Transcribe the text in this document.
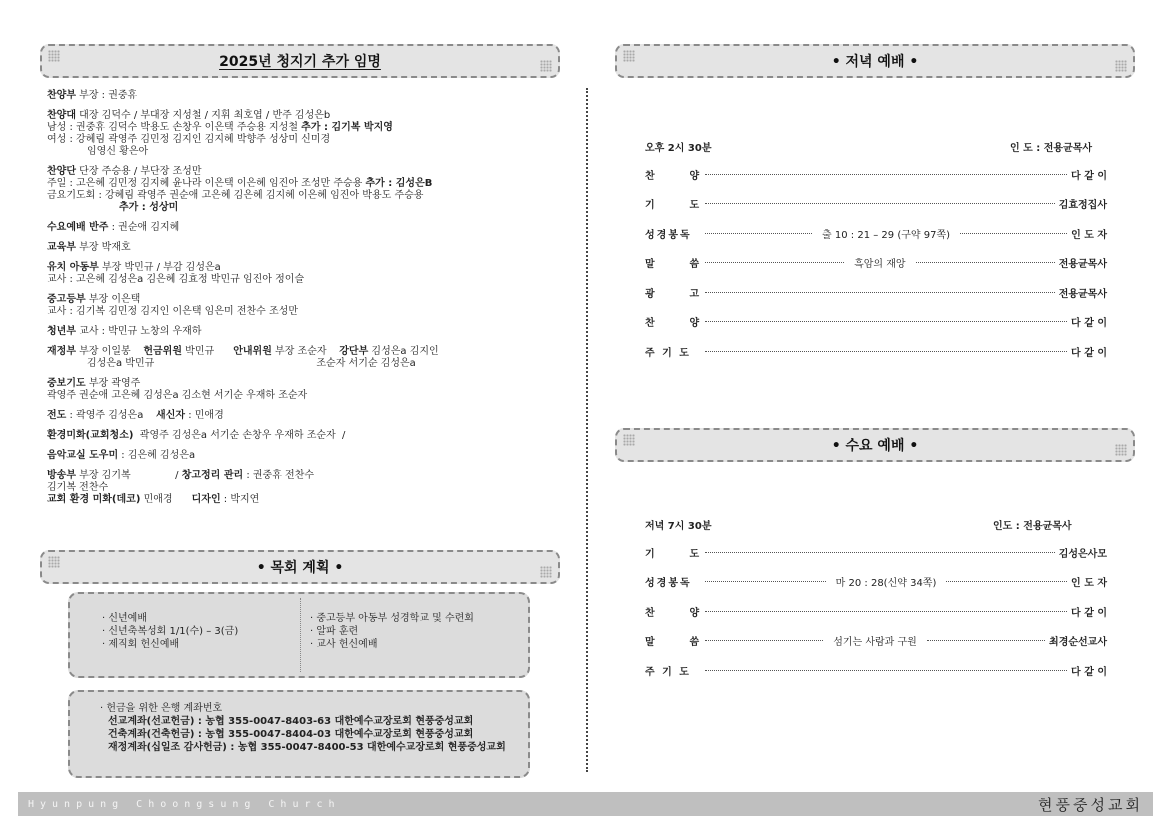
2025년 청지기 추가 임명
찬양부 부장 : 권중휴
찬양대 대장 김덕수 / 부대장 지성철 / 지휘 최호엽 / 반주 김성은b
남성 : 권중휴 김덕수 박용도 손창우 이은택 주승용 지성철 추가 : 김기복 박지영
여성 : 강혜림 곽영주 김민정 김지인 김지혜 박향주 성상미 신미경
임영신 황은아
찬양단 단장 주승용 / 부단장 조성만
주일 : 고은혜 김민정 김지혜 윤나라 이은택 이은혜 임진아 조성만 주승용 추가 : 김성은B
금요기도회 : 강혜림 곽영주 권순애 고은혜 김은혜 김지혜 이은혜 임진아 박용도 주승용
추가 : 성상미
수요예배 반주 : 권순애 김지혜
교육부 부장 박재호
유치 아동부 부장 박민규 / 부감 김성은a
교사 : 고은혜 김성은a 김은혜 김효정 박민규 임진아 정이슬
중고등부 부장 이은택
교사 : 김기복 김민정 김지인 이은택 임은미 전찬수 조성만
청년부 교사 : 박민규 노창의 우재하
재정부 부장 이일봉    헌금위원 박민규      안내위원 부장 조순자    강단부 김성은a 김지인
김성은a 박민규                                                   조순자 서기순 김성은a
중보기도 부장 곽영주
곽영주 권순애 고은혜 김성은a 김소현 서기순 우재하 조순자
전도 : 곽영주 김성은a    새신자 : 민애경
환경미화(교회청소)  곽영주 김성은a 서기순 손창우 우재하 조순자  /
음악교실 도우미 : 김은혜 김성은a
방송부 부장 김기복              / 창고정리 관리 : 권중휴 전찬수
김기복 전찬수
교회 환경 미화(데코) 민애경      디자인 : 박지연
• 목회 계획 •
· 신년예배
· 신년축복성회 1/1(수) – 3(금)
· 제직회 헌신예배
· 중고등부 아동부 성경학교 및 수련회
· 알파 훈련
· 교사 헌신예배
· 헌금을 위한 은행 계좌번호
선교계좌(선교헌금) : 농협 355-0047-8403-63 대한예수교장로회 현풍중성교회
건축계좌(건축헌금) : 농협 355-0047-8404-03 대한예수교장로회 현풍중성교회
재정계좌(십일조 감사헌금) : 농협 355-0047-8400-53 대한예수교장로회 현풍중성교회
• 저녁 예배 •
오후 2시 30분	인 도 : 전용균목사
찬      양	다 같 이
기      도	김효정집사
성경봉독	출 10 : 21 – 29 (구약 97쪽)	인 도 자
말      씀	흑암의 재앙	전용균목사
광      고	전용균목사
찬      양	다 같 이
주 기 도	다 같 이
• 수요 예배 •
저녁 7시 30분	인도 : 전용균목사
기      도	김성은사모
성경봉독	마 20 : 28(신약 34쪽)	인 도 자
찬      양	다 같 이
말      씀	섬기는 사람과 구원	최경순선교사
주 기 도	다 같 이
Hyunpung Choongsung Church	현풍중성교회
